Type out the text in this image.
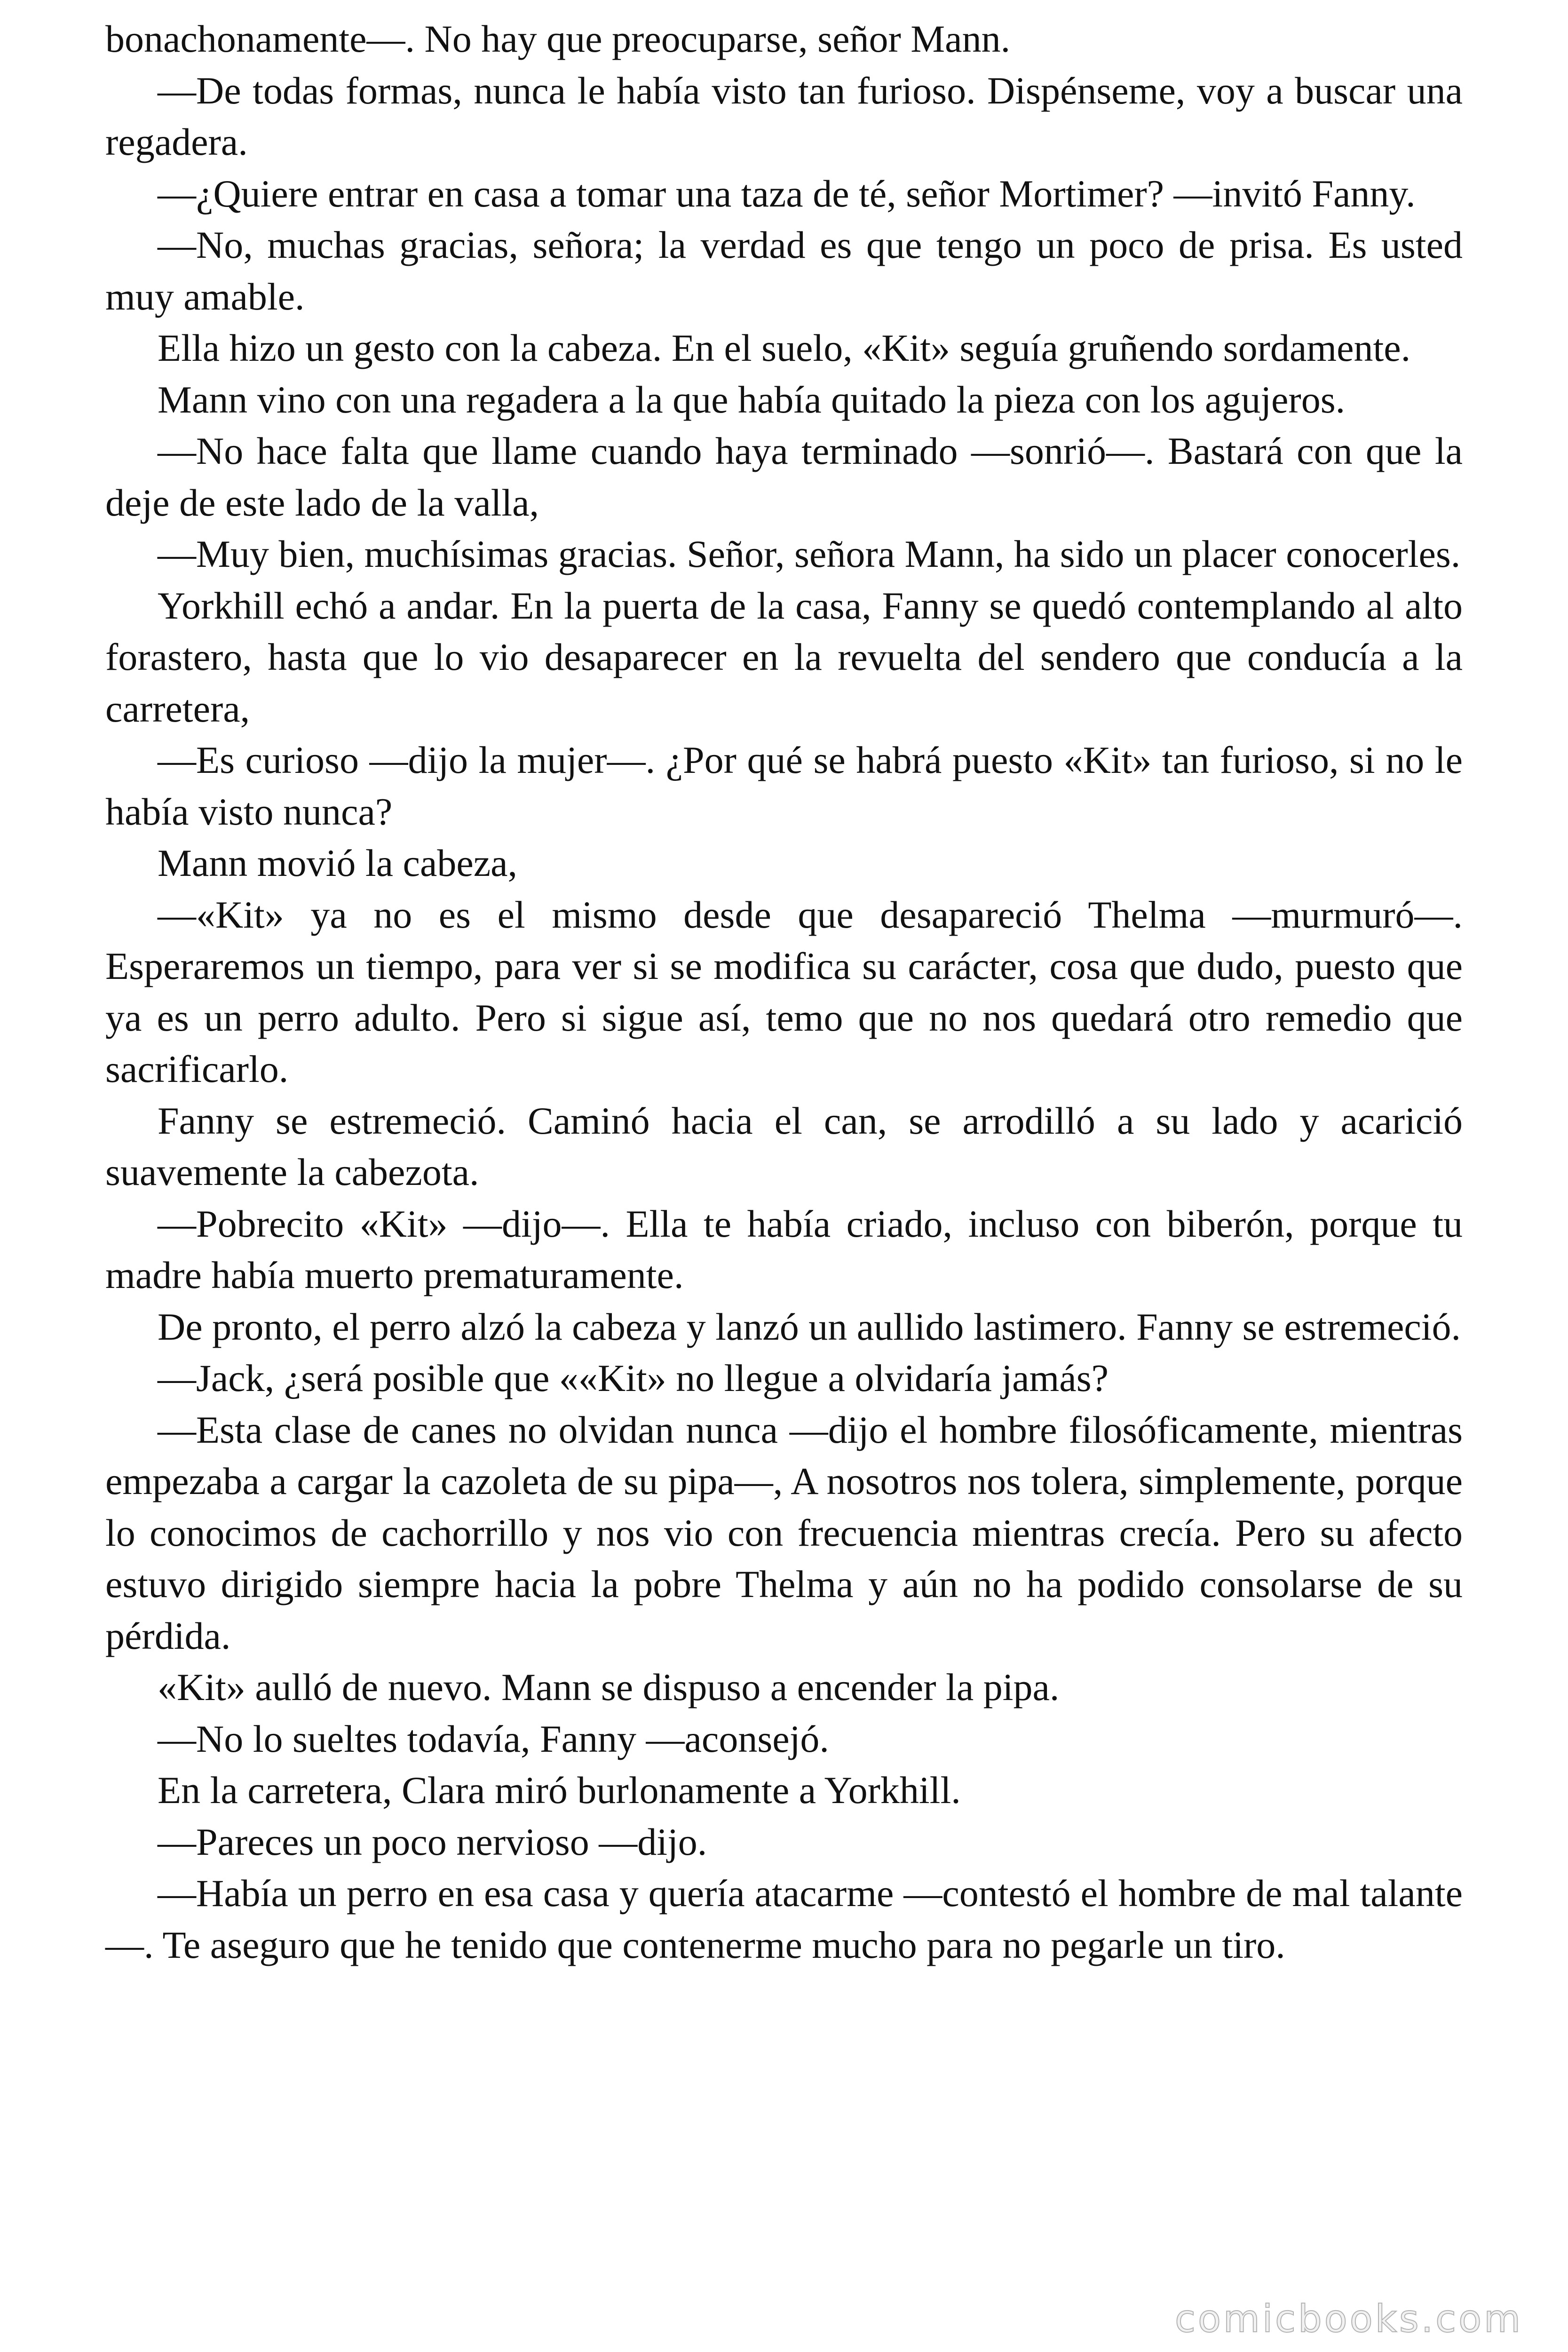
bonachonamente—. No hay que preocuparse, señor Mann.

—De todas formas, nunca le había visto tan furioso. Dispénseme, voy a buscar una regadera.

—¿Quiere entrar en casa a tomar una taza de té, señor Mortimer? —invitó Fanny.

—No, muchas gracias, señora; la verdad es que tengo un poco de prisa. Es usted muy amable.

Ella hizo un gesto con la cabeza. En el suelo, «Kit» seguía gruñendo sordamente.

Mann vino con una regadera a la que había quitado la pieza con los agujeros.

—No hace falta que llame cuando haya terminado —sonrió—. Bastará con que la deje de este lado de la valla,

—Muy bien, muchísimas gracias. Señor, señora Mann, ha sido un placer conocerles.

Yorkhill echó a andar. En la puerta de la casa, Fanny se quedó contemplando al alto forastero, hasta que lo vio desaparecer en la revuelta del sendero que conducía a la carretera,

—Es curioso —dijo la mujer—. ¿Por qué se habrá puesto «Kit» tan furioso, si no le había visto nunca?

Mann movió la cabeza,

—«Kit» ya no es el mismo desde que desapareció Thelma —murmuró—. Esperaremos un tiempo, para ver si se modifica su carácter, cosa que dudo, puesto que ya es un perro adulto. Pero si sigue así, temo que no nos quedará otro remedio que sacrificarlo.

Fanny se estremeció. Caminó hacia el can, se arrodilló a su lado y acarició suavemente la cabezota.

—Pobrecito «Kit» —dijo—. Ella te había criado, incluso con biberón, porque tu madre había muerto prematuramente.

De pronto, el perro alzó la cabeza y lanzó un aullido lastimero. Fanny se estremeció.

—Jack, ¿será posible que ««Kit» no llegue a olvidaría jamás?

—Esta clase de canes no olvidan nunca —dijo el hombre filosóficamente, mientras empezaba a cargar la cazoleta de su pipa—, A nosotros nos tolera, simplemente, porque lo conocimos de cachorrillo y nos vio con frecuencia mientras crecía. Pero su afecto estuvo dirigido siempre hacia la pobre Thelma y aún no ha podido consolarse de su pérdida.

«Kit» aulló de nuevo. Mann se dispuso a encender la pipa.

—No lo sueltes todavía, Fanny —aconsejó.

En la carretera, Clara miró burlonamente a Yorkhill.

—Pareces un poco nervioso —dijo.

—Había un perro en esa casa y quería atacarme —contestó el hombre de mal talante—. Te aseguro que he tenido que contenerme mucho para no pegarle un tiro.

comicbooks.com
